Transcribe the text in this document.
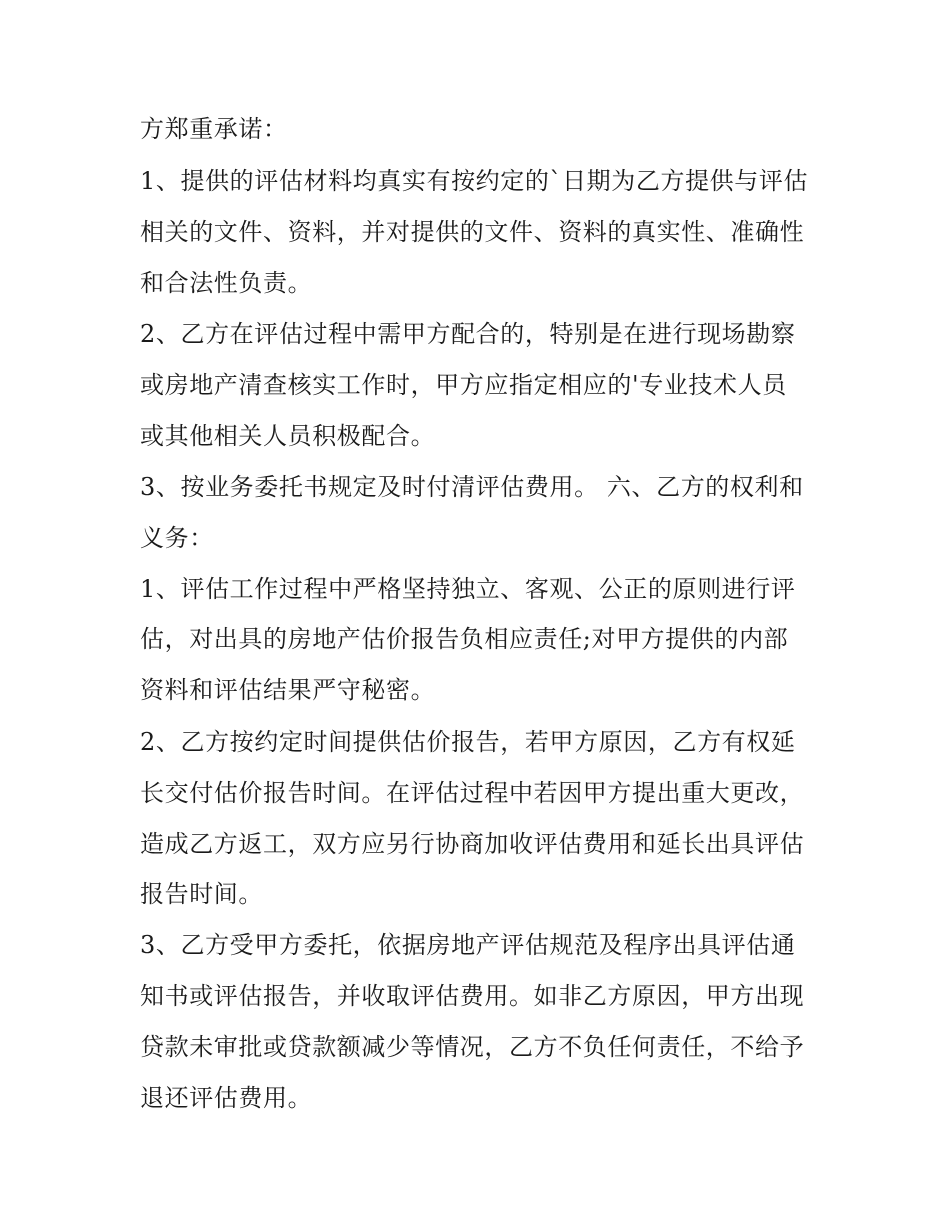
方郑重承诺：
1、提供的评估材料均真实有按约定的`日期为乙方提供与评估
相关的文件、资料，并对提供的文件、资料的真实性、准确性
和合法性负责。
2、乙方在评估过程中需甲方配合的，特别是在进行现场勘察
或房地产清查核实工作时，甲方应指定相应的'专业技术人员
或其他相关人员积极配合。
3、按业务委托书规定及时付清评估费用。 六、乙方的权利和
义务：
1、评估工作过程中严格坚持独立、客观、公正的原则进行评
估，对出具的房地产估价报告负相应责任;对甲方提供的内部
资料和评估结果严守秘密。
2、乙方按约定时间提供估价报告，若甲方原因，乙方有权延
长交付估价报告时间。在评估过程中若因甲方提出重大更改，
造成乙方返工，双方应另行协商加收评估费用和延长出具评估
报告时间。
3、乙方受甲方委托，依据房地产评估规范及程序出具评估通
知书或评估报告，并收取评估费用。如非乙方原因，甲方出现
贷款未审批或贷款额减少等情况，乙方不负任何责任，不给予
退还评估费用。
